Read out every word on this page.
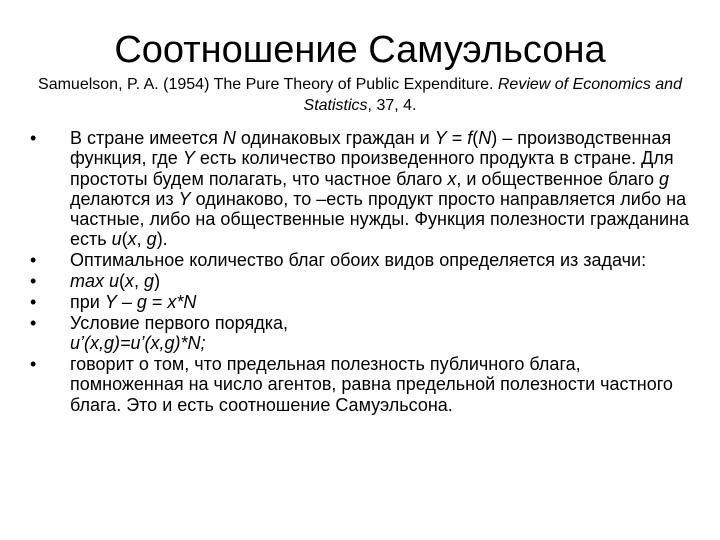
Соотношение Самуэльсона
Samuelson, P. A. (1954) The Pure Theory of Public Expenditure. Review of Economics and Statistics, 37, 4.
• В стране имеется N одинаковых граждан и Y = f(N) – производственная функция, где Y есть количество произведенного продукта в стране. Для простоты будем полагать, что частное благо x, и общественное благо g делаются из Y одинаково, то –есть продукт просто направляется либо на частные, либо на общественные нужды. Функция полезности гражданина есть u(x, g).
• Оптимальное количество благ обоих видов определяется из задачи:
• max u(x, g)
• при Y – g = x*N
• Условие первого порядка,
u’(x,g)=u’(x,g)*N;
• говорит о том, что предельная полезность публичного блага, помноженная на число агентов, равна предельной полезности частного блага. Это и есть соотношение Самуэльсона.
